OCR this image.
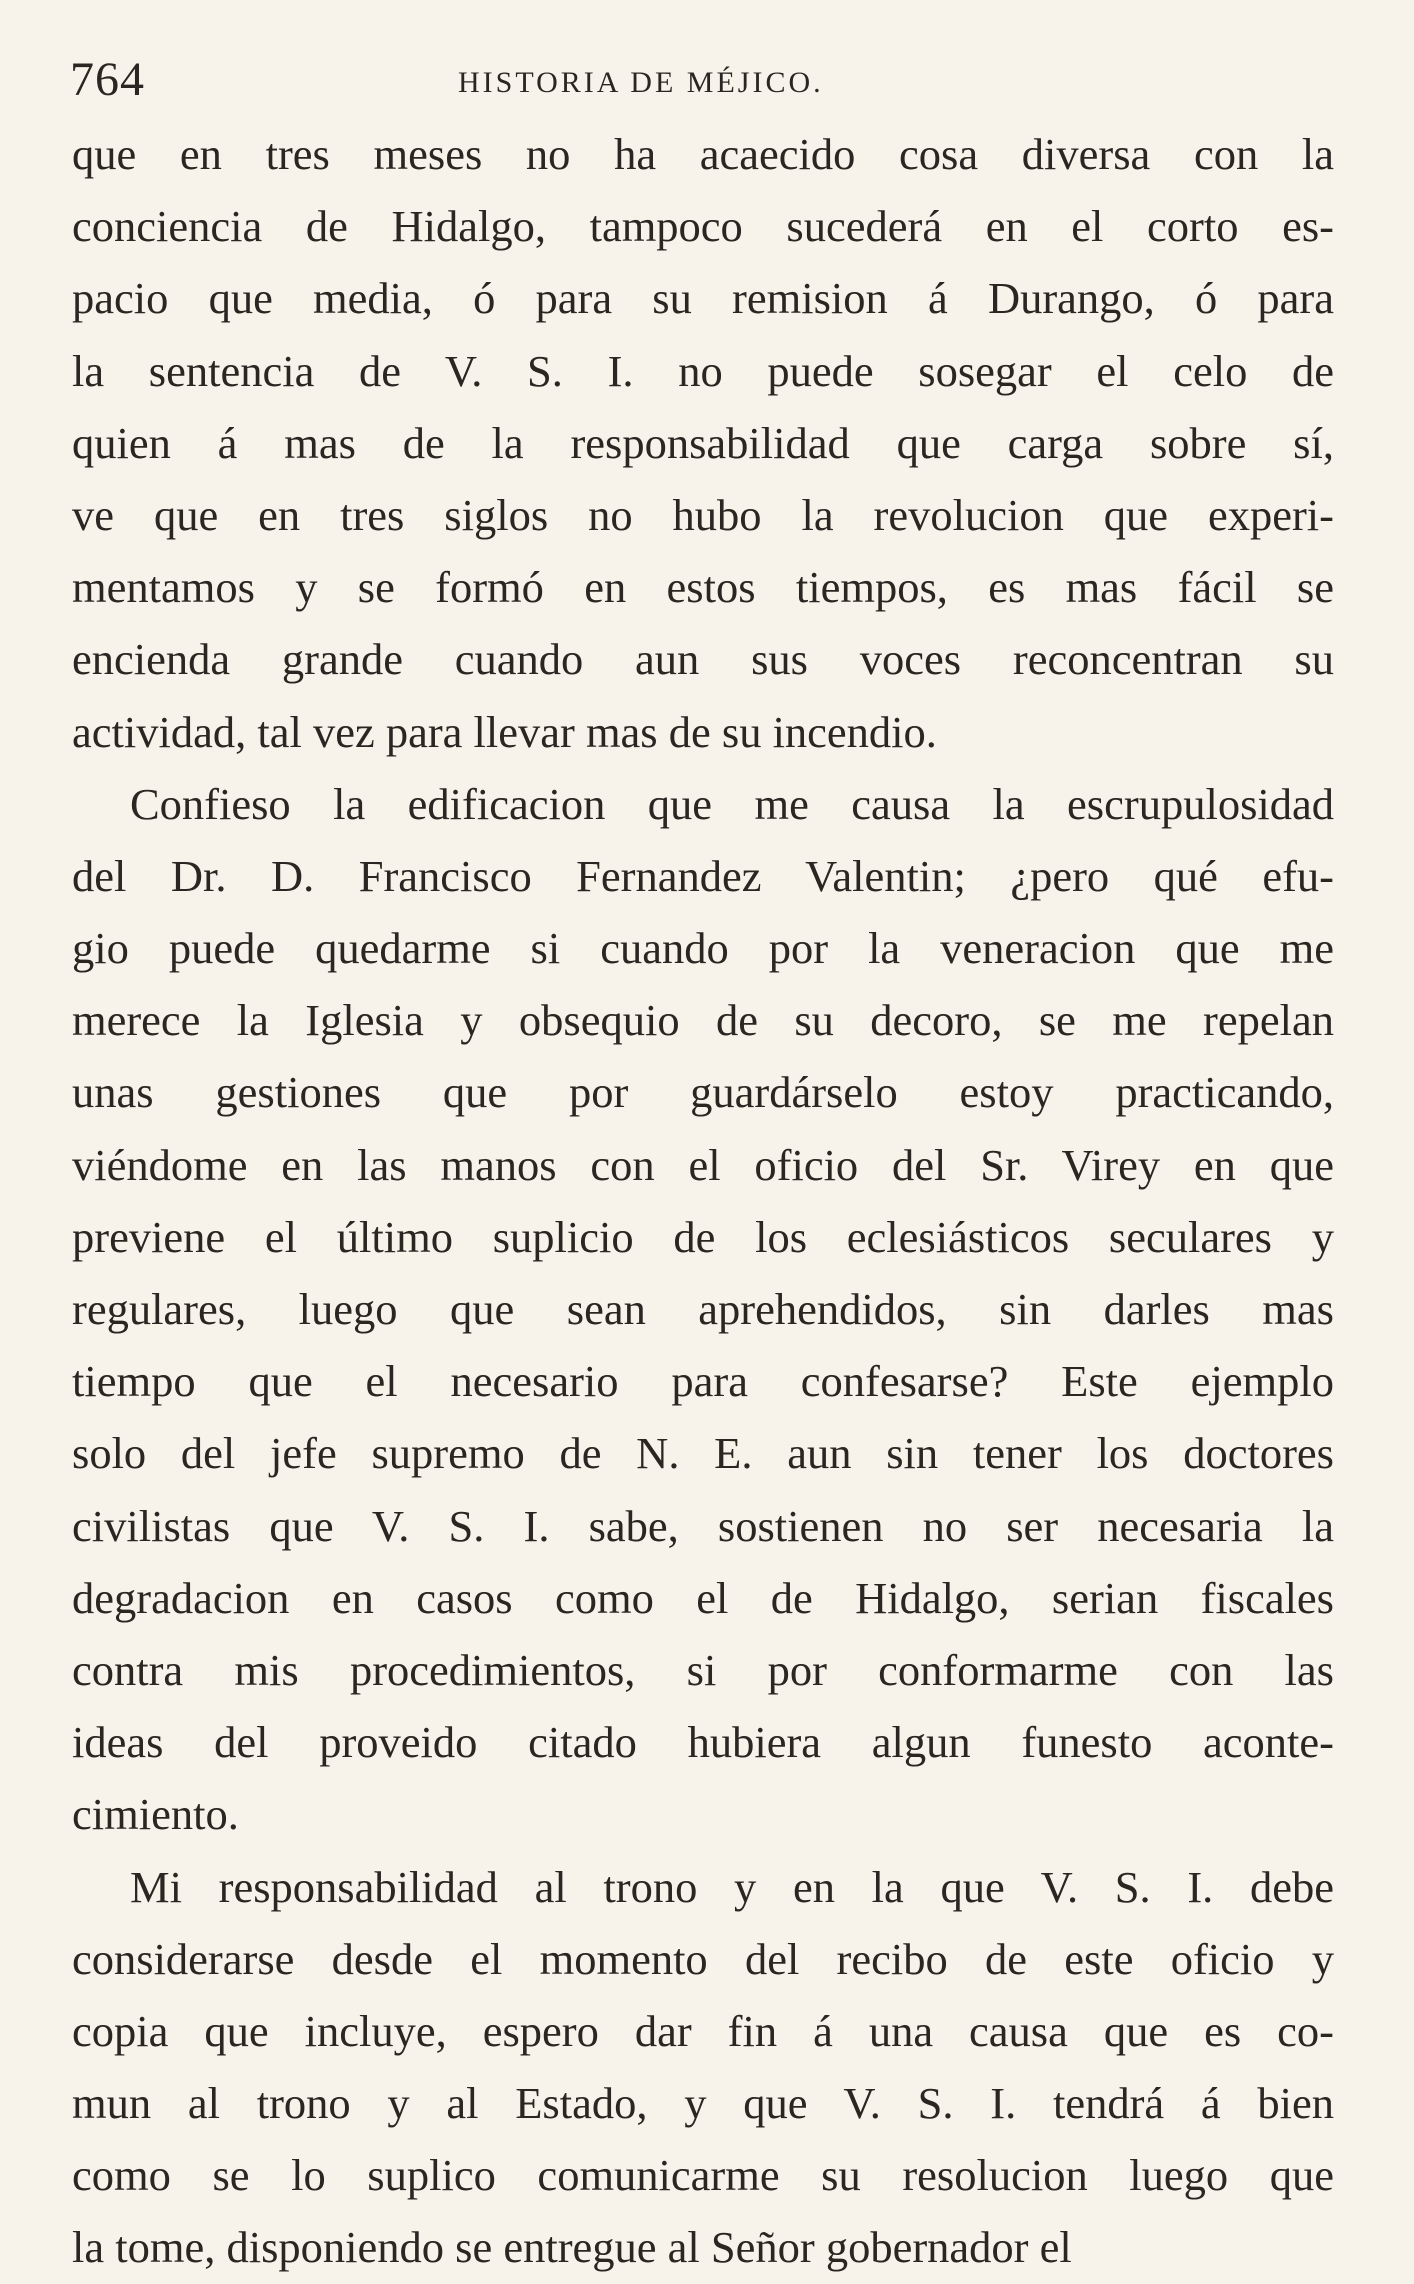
764	HISTORIA DE MÉJICO.
que en tres meses no ha acaecido cosa diversa con la
conciencia de Hidalgo, tampoco sucederá en el corto es-
pacio que media, ó para su remision á Durango, ó para
la sentencia de V. S. I. no puede sosegar el celo de
quien á mas de la responsabilidad que carga sobre sí,
ve que en tres siglos no hubo la revolucion que experi-
mentamos y se formó en estos tiempos, es mas fácil se
encienda grande cuando aun sus voces reconcentran su
actividad, tal vez para llevar mas de su incendio.
Confieso la edificacion que me causa la escrupulosidad
del Dr. D. Francisco Fernandez Valentin; ¿pero qué efu-
gio puede quedarme si cuando por la veneracion que me
merece la Iglesia y obsequio de su decoro, se me repelan
unas gestiones que por guardárselo estoy practicando,
viéndome en las manos con el oficio del Sr. Virey en que
previene el último suplicio de los eclesiásticos seculares y
regulares, luego que sean aprehendidos, sin darles mas
tiempo que el necesario para confesarse? Este ejemplo
solo del jefe supremo de N. E. aun sin tener los doctores
civilistas que V. S. I. sabe, sostienen no ser necesaria la
degradacion en casos como el de Hidalgo, serian fiscales
contra mis procedimientos, si por conformarme con las
ideas del proveido citado hubiera algun funesto aconte-
cimiento.
Mi responsabilidad al trono y en la que V. S. I. debe
considerarse desde el momento del recibo de este oficio y
copia que incluye, espero dar fin á una causa que es co-
mun al trono y al Estado, y que V. S. I. tendrá á bien
como se lo suplico comunicarme su resolucion luego que
la tome, disponiendo se entregue al Señor gobernador el
